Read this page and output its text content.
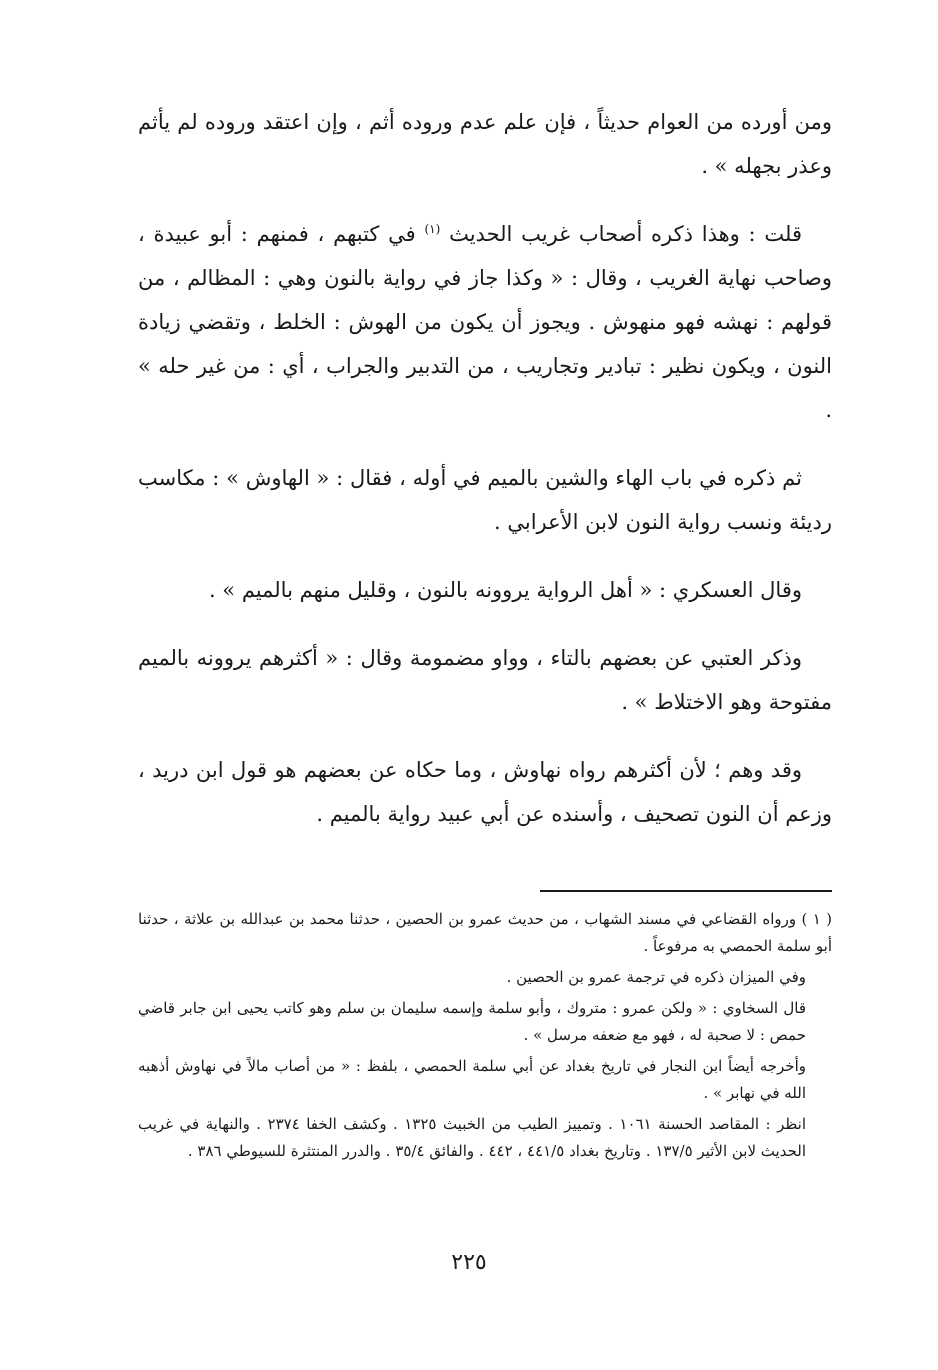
ومن أورده من العوام حديثاً ، فإن علم عدم وروده أثم ، وإن اعتقد وروده لم يأثم وعذر بجهله » .

قلت : وهذا ذكره أصحاب غريب الحديث $^{(١)}$ في كتبهم ، فمنهم : أبو عبيدة ، وصاحب نهاية الغريب ، وقال : « وكذا جاز في رواية بالنون وهي : المظالم ، من قولهم : نهشه فهو منهوش . ويجوز أن يكون من الهوش : الخلط ، وتقضي زيادة النون ، ويكون نظير : تبادير وتجاريب ، من التدبير والجراب ، أي : من غير حله » .

ثم ذكره في باب الهاء والشين بالميم في أوله ، فقال : « الهاوش » : مكاسب رديئة ونسب رواية النون لابن الأعرابي .

وقال العسكري : « أهل الرواية يروونه بالنون ، وقليل منهم بالميم » .

وذكر العتبي عن بعضهم بالتاء ، وواو مضمومة وقال : « أكثرهم يروونه بالميم مفتوحة وهو الاختلاط » .

وقد وهم ؛ لأن أكثرهم رواه نهاوش ، وما حكاه عن بعضهم هو قول ابن دريد ، وزعم أن النون تصحيف ، وأسنده عن أبي عبيد رواية بالميم .

( ١ ) ورواه القضاعي في مسند الشهاب ، من حديث عمرو بن الحصين ، حدثنا محمد بن عبدالله بن علاثة ، حدثنا أبو سلمة الحمصي به مرفوعاً .

وفي الميزان ذكره في ترجمة عمرو بن الحصين .

قال السخاوي : « ولكن عمرو : متروك ، وأبو سلمة وإسمه سليمان بن سلم وهو كاتب يحيى ابن جابر قاضي حمص : لا صحبة له ، فهو مع ضعفه مرسل » .

وأخرجه أيضاً ابن النجار في تاريخ بغداد عن أبي سلمة الحمصي ، بلفظ : « من أصاب مالاً في نهاوش أذهبه الله في نهابر » .

انظر : المقاصد الحسنة ١٠٦١ . وتمييز الطيب من الخبيث ١٣٢٥ . وكشف الخفا ٢٣٧٤ . والنهاية في غريب الحديث لابن الأثير ١٣٧/٥ . وتاريخ بغداد ٤٤١/٥ ، ٤٤٢ . والفائق ٣٥/٤ . والدرر المنتثرة للسيوطي ٣٨٦ .

٢٢٥
